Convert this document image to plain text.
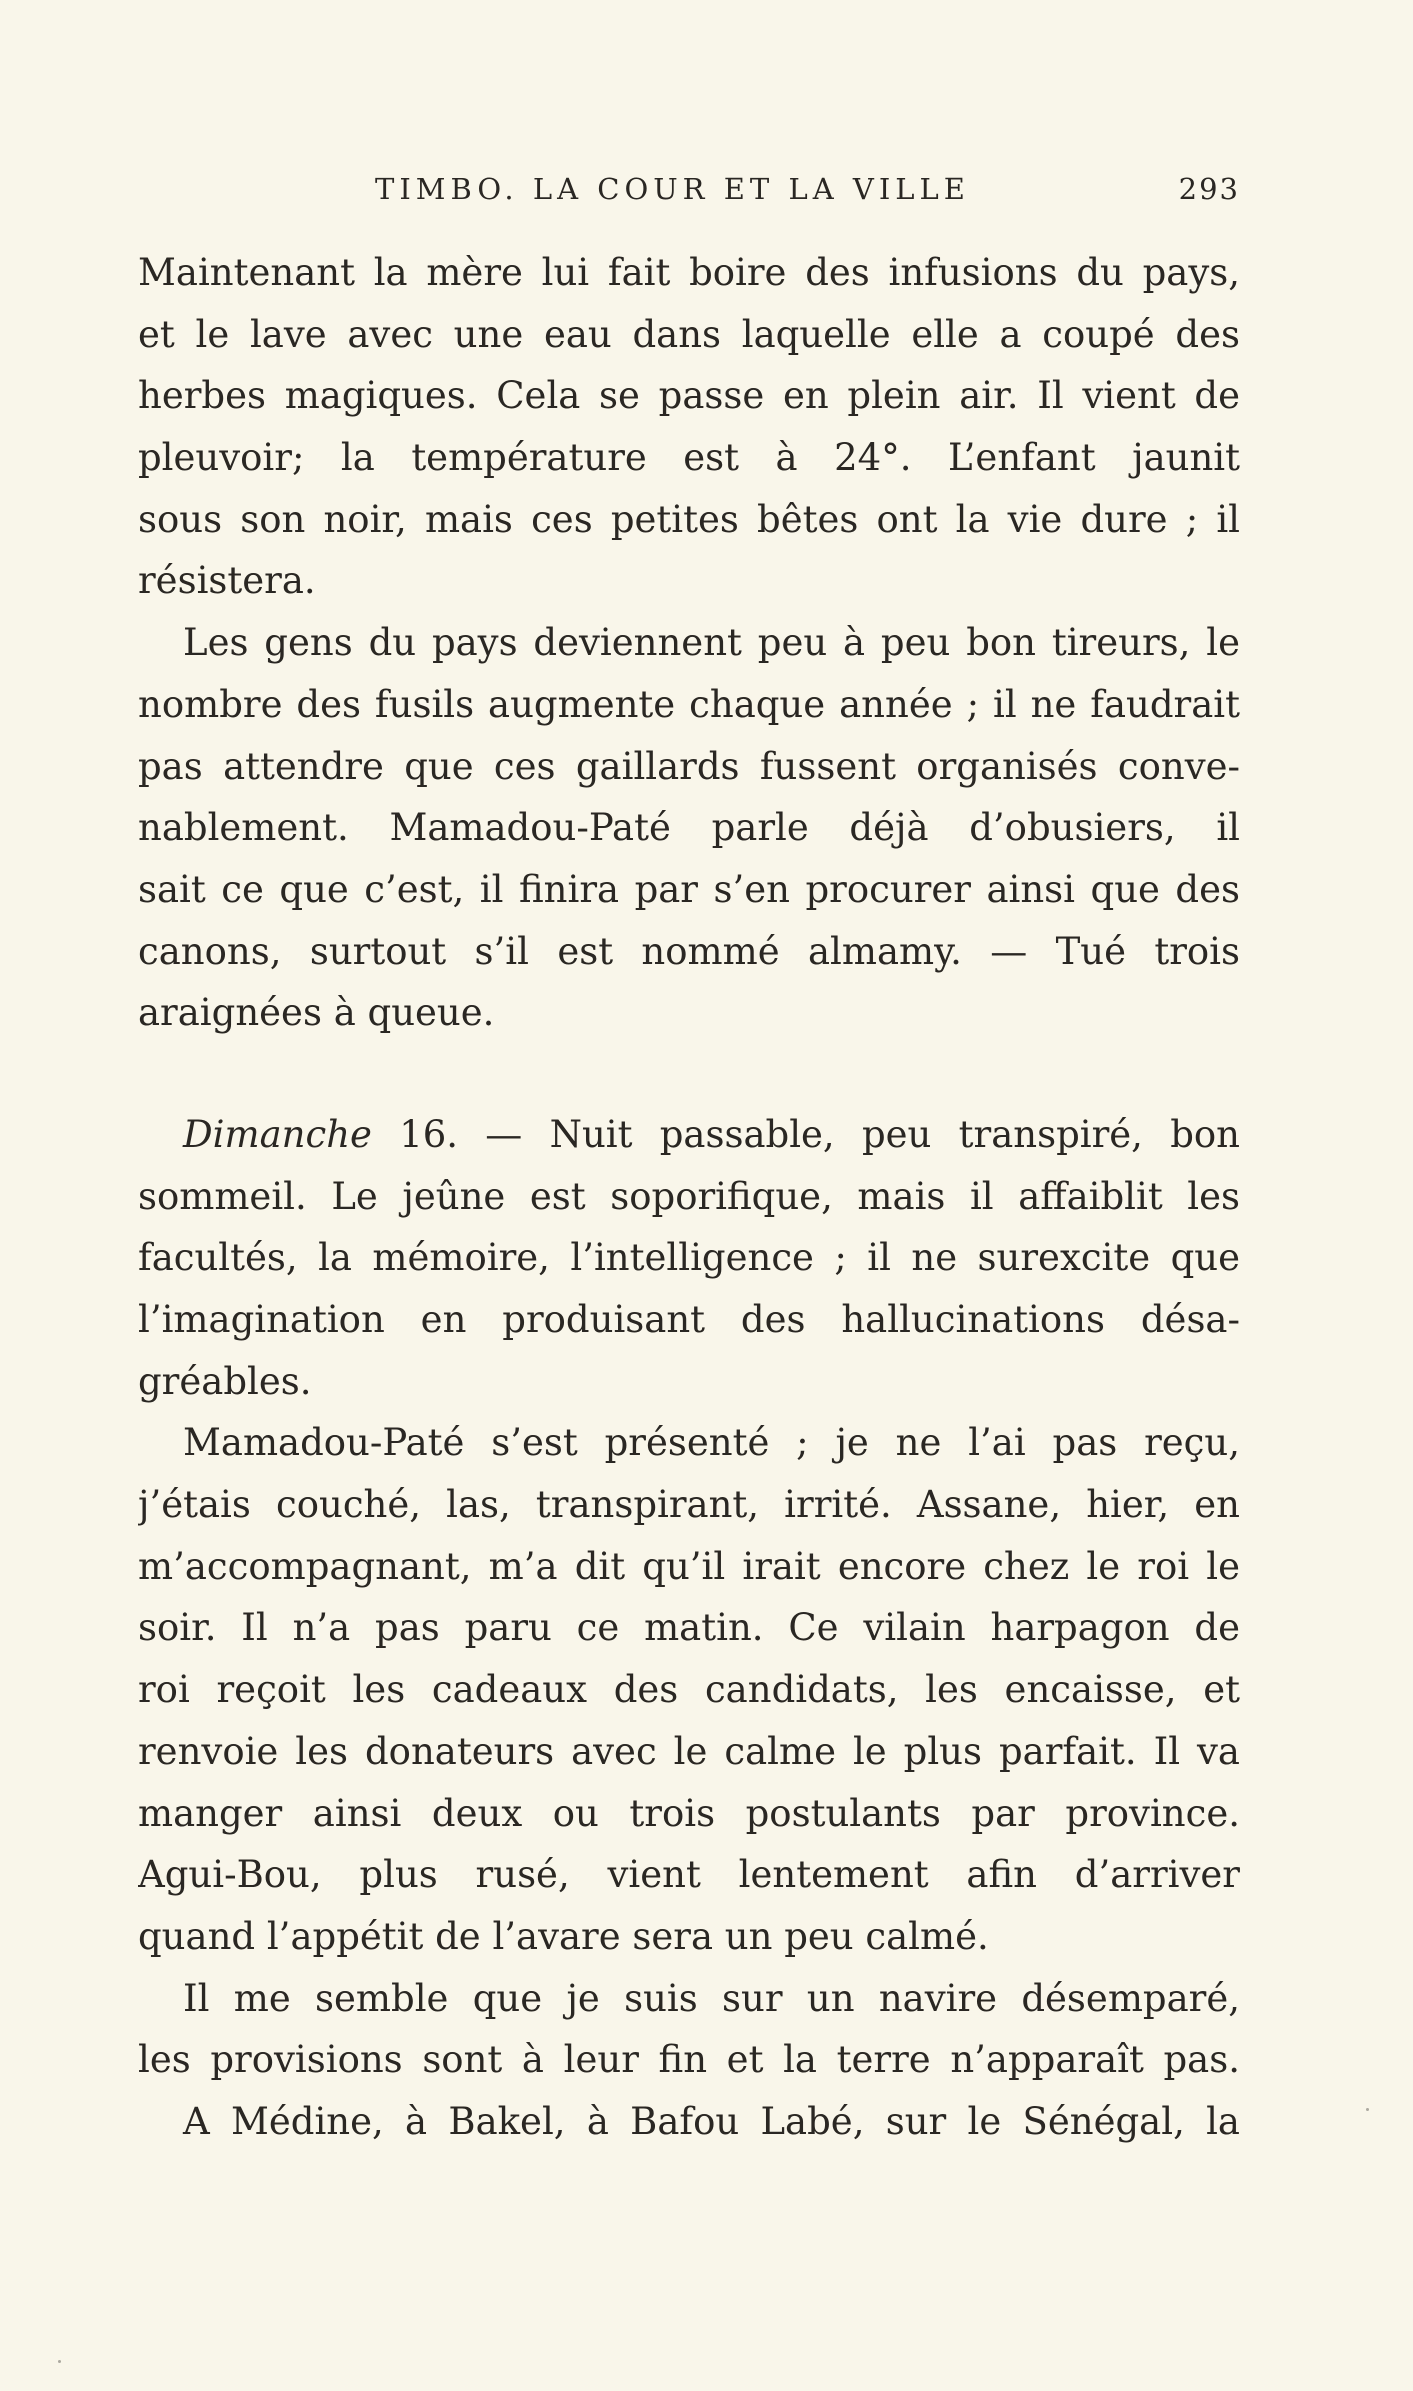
TIMBO. LA COUR ET LA VILLE	293
Maintenant la mère lui fait boire des infusions du pays,
et le lave avec une eau dans laquelle elle a coupé des
herbes magiques. Cela se passe en plein air. Il vient de
pleuvoir; la température est à 24°. L’enfant jaunit
sous son noir, mais ces petites bêtes ont la vie dure ; il
résistera.
Les gens du pays deviennent peu à peu bon tireurs, le
nombre des fusils augmente chaque année ; il ne faudrait
pas attendre que ces gaillards fussent organisés conve-
nablement. Mamadou-Paté parle déjà d’obusiers, il
sait ce que c’est, il finira par s’en procurer ainsi que des
canons, surtout s’il est nommé almamy. — Tué trois
araignées à queue.
Dimanche 16. — Nuit passable, peu transpiré, bon
sommeil. Le jeûne est soporifique, mais il affaiblit les
facultés, la mémoire, l’intelligence ; il ne surexcite que
l’imagination en produisant des hallucinations désa-
gréables.
Mamadou-Paté s’est présenté ; je ne l’ai pas reçu,
j’étais couché, las, transpirant, irrité. Assane, hier, en
m’accompagnant, m’a dit qu’il irait encore chez le roi le
soir. Il n’a pas paru ce matin. Ce vilain harpagon de
roi reçoit les cadeaux des candidats, les encaisse, et
renvoie les donateurs avec le calme le plus parfait. Il va
manger ainsi deux ou trois postulants par province.
Agui-Bou, plus rusé, vient lentement afin d’arriver
quand l’appétit de l’avare sera un peu calmé.
Il me semble que je suis sur un navire désemparé,
les provisions sont à leur fin et la terre n’apparaît pas.
A Médine, à Bakel, à Bafou Labé, sur le Sénégal, la
